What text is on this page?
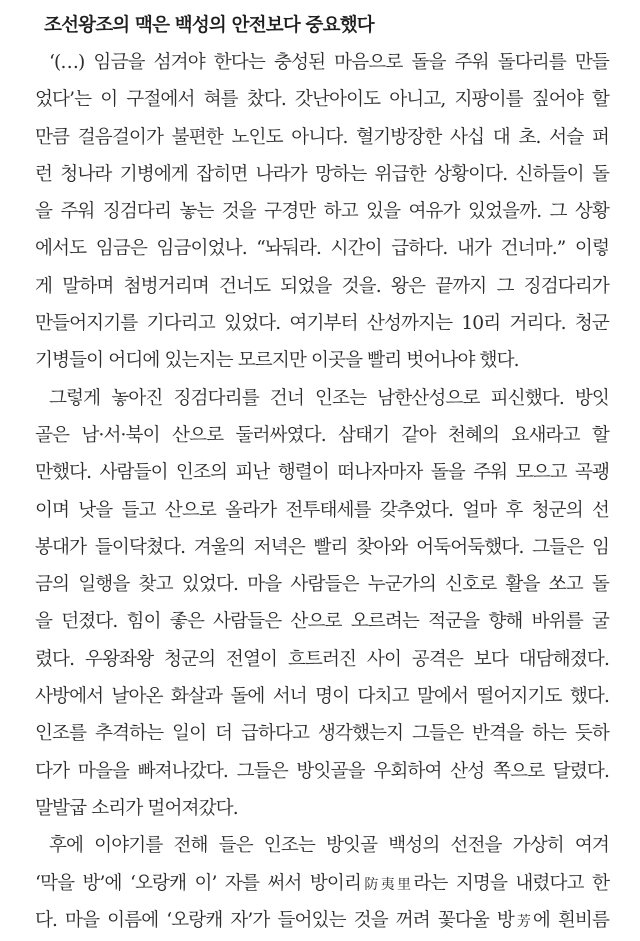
조선왕조의 맥은 백성의 안전보다 중요했다
‘(…) 임금을 섬겨야 한다는 충성된 마음으로 돌을 주워 돌다리를 만들
었다’는 이 구절에서 혀를 찼다. 갓난아이도 아니고, 지팡이를 짚어야 할
만큼 걸음걸이가 불편한 노인도 아니다. 혈기방장한 사십 대 초. 서슬 퍼
런 청나라 기병에게 잡히면 나라가 망하는 위급한 상황이다. 신하들이 돌
을 주워 징검다리 놓는 것을 구경만 하고 있을 여유가 있었을까. 그 상황
에서도 임금은 임금이었나. “놔둬라. 시간이 급하다. 내가 건너마.” 이렇
게 말하며 첨벙거리며 건너도 되었을 것을. 왕은 끝까지 그 징검다리가
만들어지기를 기다리고 있었다. 여기부터 산성까지는 10리 거리다. 청군
기병들이 어디에 있는지는 모르지만 이곳을 빨리 벗어나야 했다.
그렇게 놓아진 징검다리를 건너 인조는 남한산성으로 피신했다. 방잇
골은 남·서·북이 산으로 둘러싸였다. 삼태기 같아 천혜의 요새라고 할
만했다. 사람들이 인조의 피난 행렬이 떠나자마자 돌을 주워 모으고 곡괭
이며 낫을 들고 산으로 올라가 전투태세를 갖추었다. 얼마 후 청군의 선
봉대가 들이닥쳤다. 겨울의 저녁은 빨리 찾아와 어둑어둑했다. 그들은 임
금의 일행을 찾고 있었다. 마을 사람들은 누군가의 신호로 활을 쏘고 돌
을 던졌다. 힘이 좋은 사람들은 산으로 오르려는 적군을 향해 바위를 굴
렸다. 우왕좌왕 청군의 전열이 흐트러진 사이 공격은 보다 대담해졌다.
사방에서 날아온 화살과 돌에 서너 명이 다치고 말에서 떨어지기도 했다.
인조를 추격하는 일이 더 급하다고 생각했는지 그들은 반격을 하는 듯하
다가 마을을 빠져나갔다. 그들은 방잇골을 우회하여 산성 쪽으로 달렸다.
말발굽 소리가 멀어져갔다.
후에 이야기를 전해 들은 인조는 방잇골 백성의 선전을 가상히 여겨
‘막을 방’에 ‘오랑캐 이’ 자를 써서 방이리防夷里라는 지명을 내렸다고 한
다. 마을 이름에 ‘오랑캐 자’가 들어있는 것을 꺼려 꽃다울 방芳에 흰비름
